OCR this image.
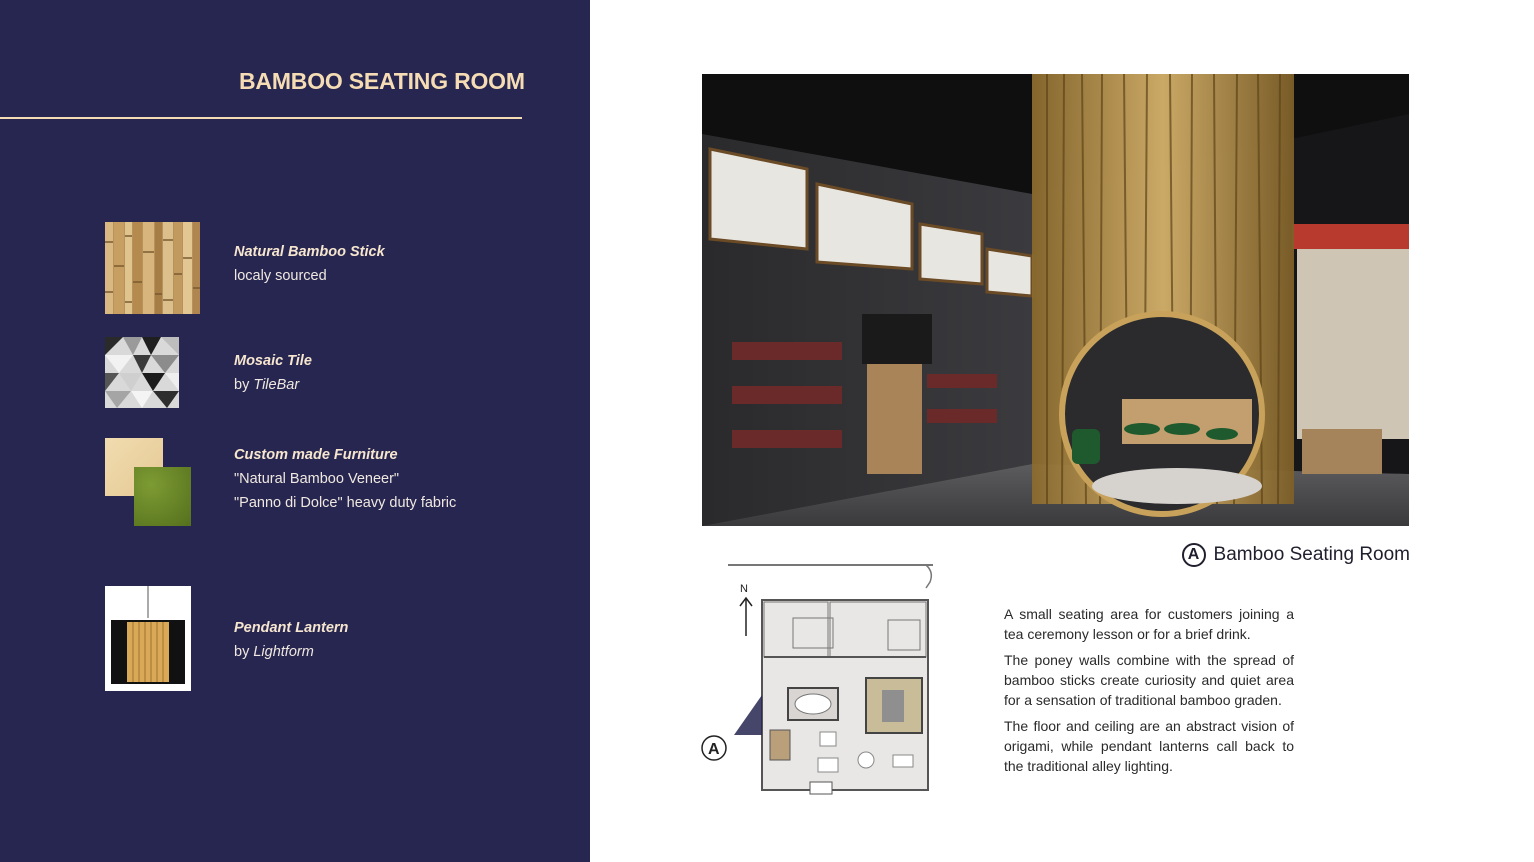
BAMBOO SEATING ROOM
Natural Bamboo Stick
localy sourced
Mosaic Tile
by TileBar
Custom made Furniture
"Natural Bamboo Veneer"
"Panno di Dolce" heavy duty fabric
Pendant Lantern
by Lightform
A Bamboo Seating Room
N
A

A small seating area for customers joining a tea ceremony lesson or for a brief drink.

The poney walls combine with the spread of bamboo sticks create curiosity and quiet area for a sensation of traditional bamboo graden.

The floor and ceiling are an abstract vision of origami, while pendant lanterns call back to the traditional alley lighting.
